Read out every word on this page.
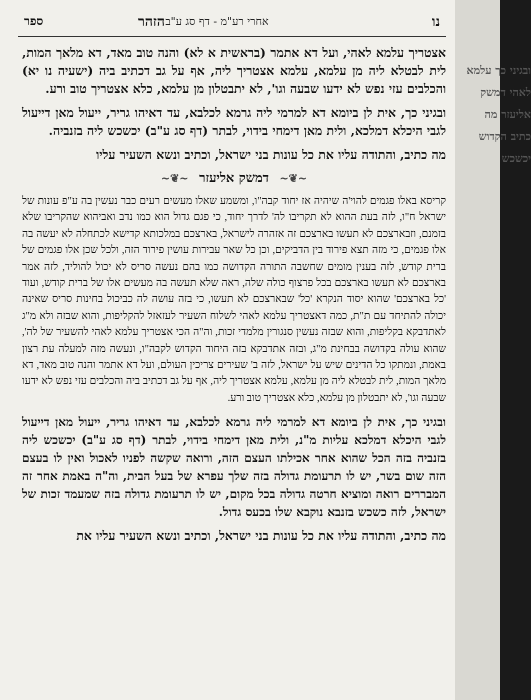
נו
אחרי רע"מ - דף סג ע"ב
הזהר
ספר

אצטריך עלמא לאהי, ועל דא אתמר (בראשית א לא) והנה טוב מאד, דא מלאך המות, לית לבטלא ליה מן עלמא, עלמא אצטריך ליה, אף על גב דכתיב ביה (ישעיה נו יא) והכלבים עזי נפש לא ידעו שבעה וגו', לא יתבטלון מן עלמא, כלא אצטריך טוב ורע.

ובגיני כך, אית לן ביומא דא למרמי ליה גרמא לכלבא, עד דאיהו גריר, ייעול מאן דייעול לגבי היכלא דמלכא, ולית מאן דימחי בידוי, לבתר (דף סג ע"ב) יכשכש ליה בזנביה.

מה כתיב, והתודה עליו את כל עונות בני ישראל, וכתיב ונשא השעיר עליו

~❦~ דמשק אליעזר ~❦~

קריסא באלו פגמים להוי'ה שיהיה אז יחוד קבה"ו, ומשמע שאלו מעשים רעים כבר נעשין בה ע"פ עונות של ישראל ח"ו, לזה בעת ההוא לא תקריבו לה' לדרך יחוד, כי פגם גדול הוא כמו נדב ואביהוא שהקריבו שלא בזמנם, וזבארצכם לא תעשו בארצכם זה אזהרה לישראל, בארצכם במלכותא קדישא לכתחלה לא יעשה בה אלו פגמים, כי מזה תצא פירוד בין הדביקים, וכן כל שאר עבירות עושין פירוד הזה, ולכל שכן אלו פגמים של ברית קודש, לזה בענין מומים שחשבה התורה הקדושה כמו בהם נעשה סריס לא יכול להוליד, לזה אמר בארצכם לא תעשו בארצכם בכל פרצוף כולה שלה, ראה שלא תעשה בה מעשים אלו של ברית קודש, ועוד 'כל בארצכם' שהוא יסוד הנקרא 'כל' שבארצכם לא תעשו, כי בזה עושה לה כביכול בחינות סריס שאינה יכולה להתיחד עם ת"ת, כמה דאצטריך עלמא לאהי לשלוח השעיר לעזאזל להקליפות, והוא שבזה ולא מ"ג לאתדבקא בקליפות, והוא שבזה נעשין סנגורין מלמדי זכות, וה"ה הכי אצטריך עלמא לאהי להשעיר של לה', שהוא עולה בקדושה בבחינת מ"ג, ובזה אתדבקא בזה היחוד הקדוש לקבה"ו, ונעשה מזה למעלה עת רצון באמת, ונמתקו כל הדינים שיש על ישראל, לזה ב' שעירים צריכין העולם, ועל דא אתמר והנה טוב מאד, דא מלאך המות, לית לבטלא ליה מן עלמא, עלמא אצטריך ליה, אף על גב דכתיב ביה והכלבים עזי נפש לא ידעו שבעה וגו', לא יתבטלון מן עלמא, כלא אצטריך טוב ורע.

ובגיני כך, אית לן ביומא דא למרמי ליה גרמא לכלבא, עד דאיהו גריר, ייעול מאן דייעול לגבי היכלא דמלכא עליות מ"נ, ולית מאן דימחי בידוי, לבתר (דף סג ע"ב) יכשכש ליה בזנביה בזה הכל שהוא אחר אכילתו העצם הזה, ורואה שקשה לפניו לאכול ואין לו בעצם הזה שום בשר, יש לו תרעומת גדולה בזה שלך עפרא של בעל הבית, וה"ה באמת אחר זה המבררים רואה ומוציא חרטה גדולה בכל מקום, יש לו תרעומת גדולה בזה שמעמד זכות של ישראל, לזה כשכש בזנבא נוקבא שלו בכעס גדול.

מה כתיב, והתודה עליו את כל עונות בני ישראל, וכתיב ונשא השעיר עליו את

ובגיני כך עלמא לאהי דמשק אליעזר מה כתיב הקדוש יכשכש
